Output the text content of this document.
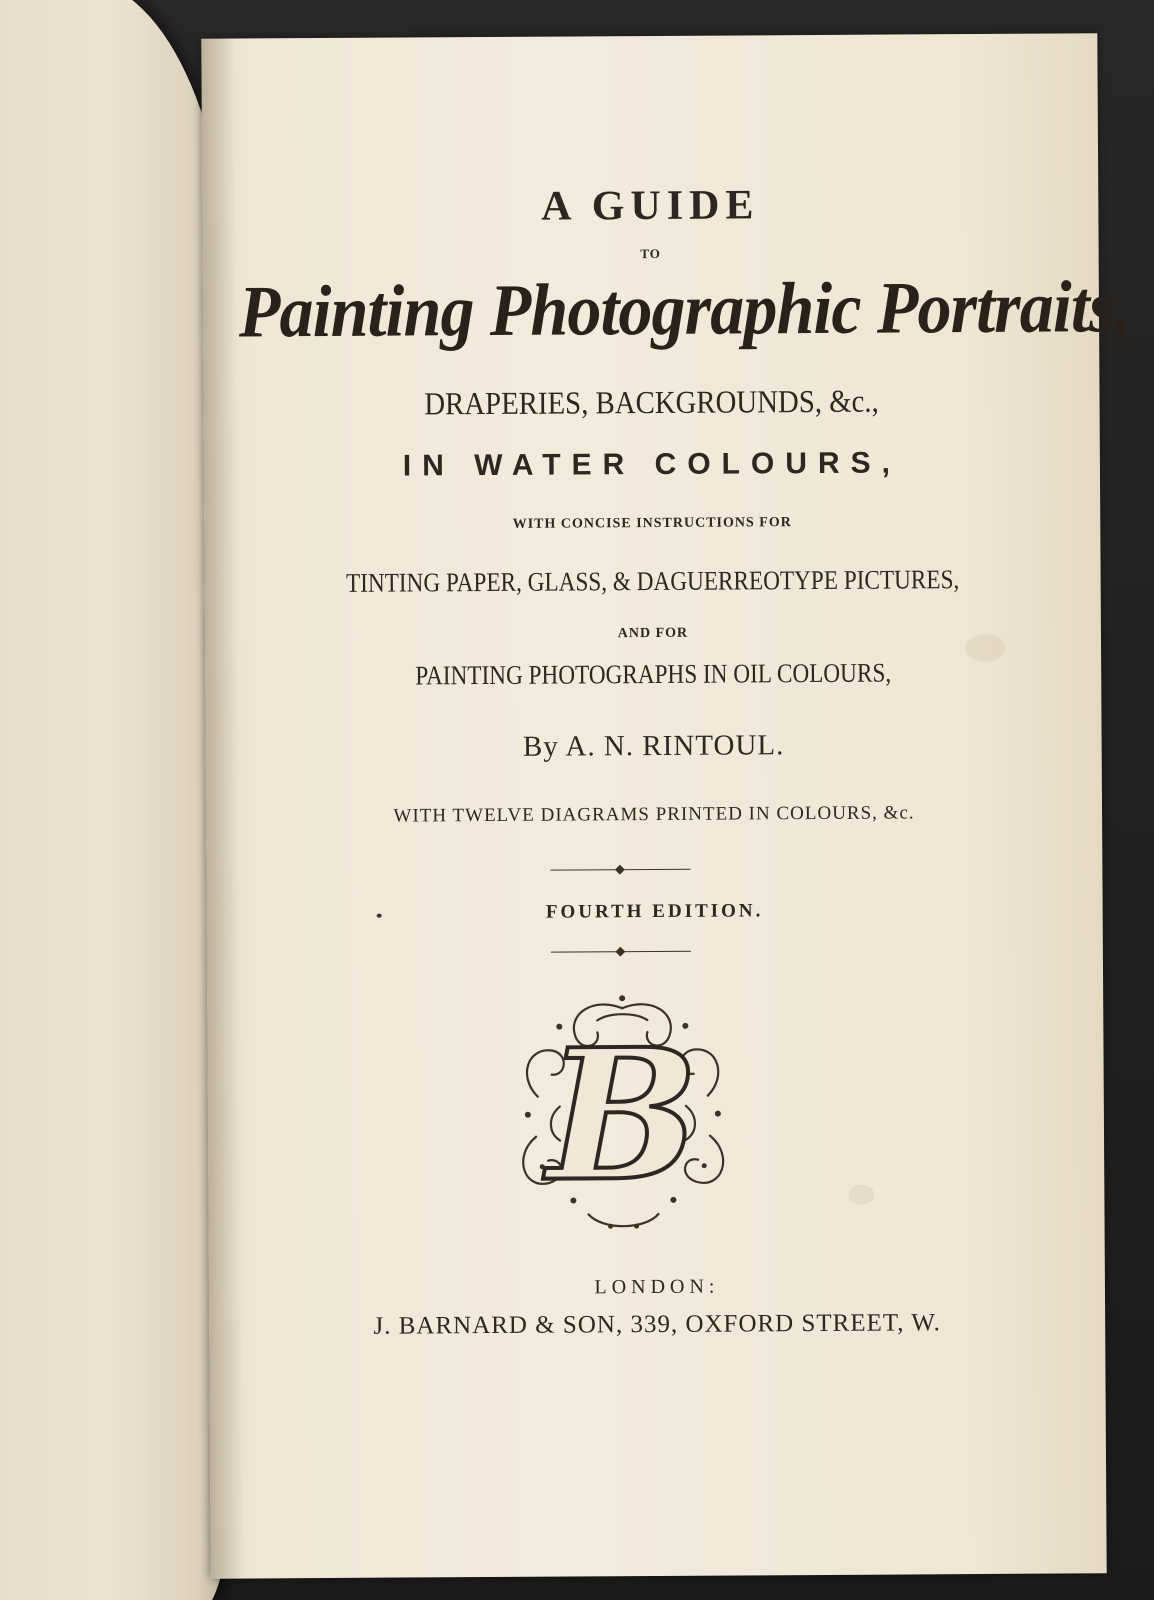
A GUIDE
TO
Painting Photographic Portraits,
DRAPERIES, BACKGROUNDS, &c.,
IN WATER COLOURS,
WITH CONCISE INSTRUCTIONS FOR
TINTING PAPER, GLASS, & DAGUERREOTYPE PICTURES,
AND FOR
PAINTING PHOTOGRAPHS IN OIL COLOURS,
By A. N. RINTOUL.
WITH TWELVE DIAGRAMS PRINTED IN COLOURS, &c.
FOURTH EDITION.
B
LONDON:
J. BARNARD & SON, 339, OXFORD STREET, W.
